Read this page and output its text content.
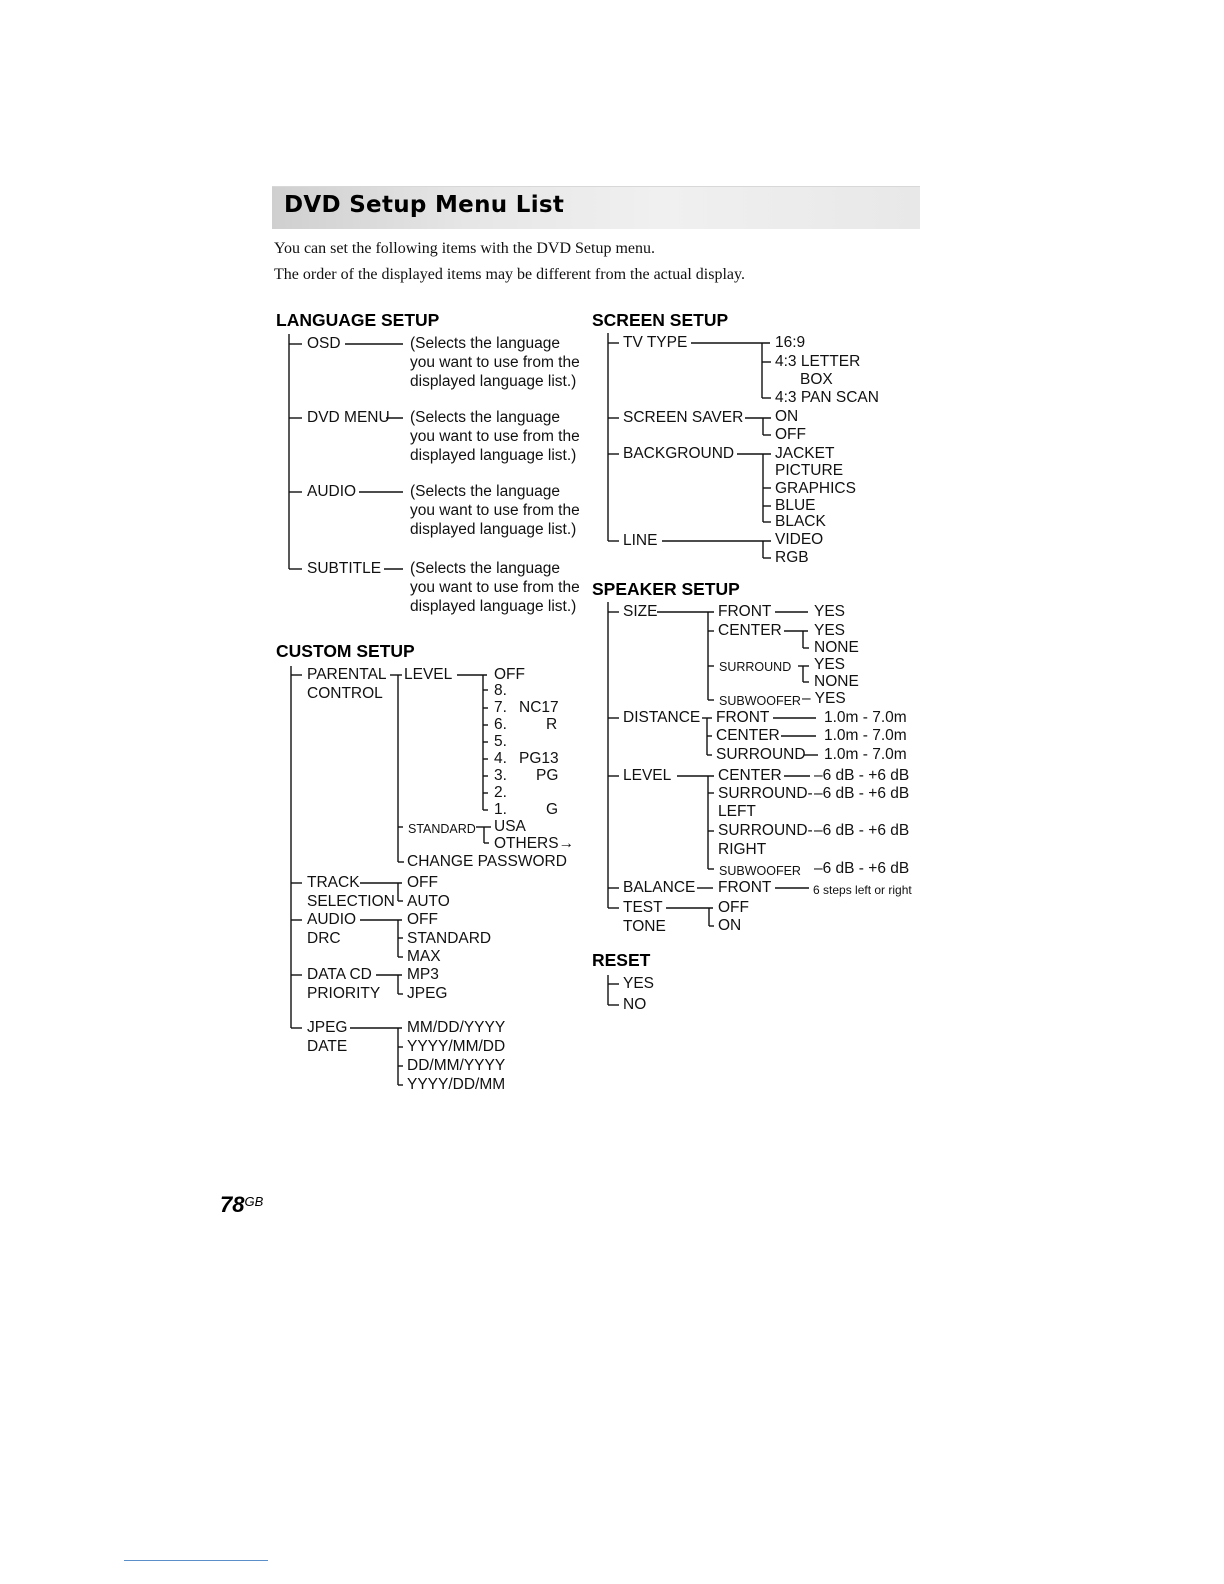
DVD Setup Menu List
You can set the following items with the DVD Setup menu.
The order of the displayed items may be different from the actual display.
LANGUAGE SETUP
OSD	(Selects the language
you want to use from the
displayed language list.)
DVD MENU (Selects the language
you want to use from the
displayed language list.)
AUDIO	(Selects the language
you want to use from the
displayed language list.)
SUBTITLE (Selects the language
you want to use from the
displayed language list.)
CUSTOM SETUP
PARENTAL
CONTROL
LEVEL	OFF
8.
7. NC17
6.	R
5.
4. PG13
3. PG
2.
1.	G
STANDARD USA
OTHERS→
CHANGE PASSWORD
TRACK
SELECTION
OFF
AUTO
AUDIO
DRC
OFF
STANDARD
MAX
DATA CD
PRIORITY
MP3
JPEG
JPEG
DATE
MM/DD/YYYY
YYYY/MM/DD
DD/MM/YYYY
YYYY/DD/MM
SCREEN SETUP
TV TYPE	16:9
4:3 LETTER
BOX
4:3 PAN SCAN
SCREEN SAVER ON
OFF
BACKGROUND	JACKET
PICTURE
GRAPHICS
BLUE
BLACK
LINE	VIDEO
RGB
SPEAKER SETUP
SIZE	FRONT	YES
CENTER YES
NONE
SURROUND YES
NONE
SUBWOOFER – YES
DISTANCE FRONT	1.0m - 7.0m
CENTER	1.0m - 7.0m
SURROUND 1.0m - 7.0m
LEVEL	CENTER –6 dB - +6 dB
SURROUND- –6 dB - +6 dB
LEFT
SURROUND- –6 dB - +6 dB
RIGHT
SUBWOOFER –6 dB - +6 dB
BALANCE FRONT	6 steps left or right
TEST
TONE
OFF
ON
RESET
YES
NO
$78^{GB}$
